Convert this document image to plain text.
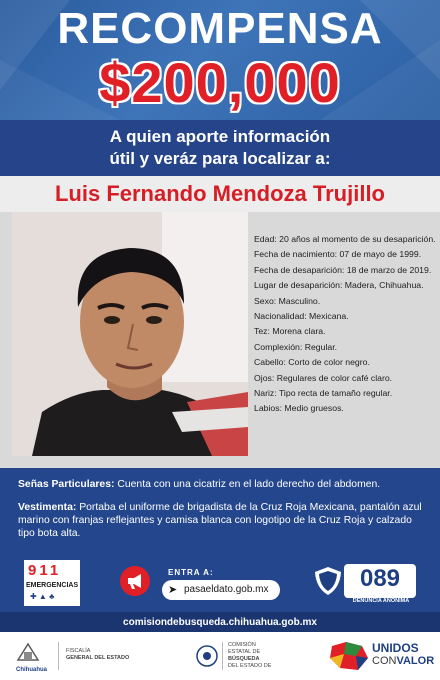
RECOMPENSA
$200,000
A quien aporte información
útil y veráz para localizar a:
Luis Fernando Mendoza Trujillo
Edad: 20 años al momento de su desaparición.
Fecha de nacimiento: 07 de mayo de 1999.
Fecha de desaparición: 18 de marzo de 2019.
Lugar de desaparición: Madera, Chihuahua.
Sexo: Masculino.
Nacionalidad: Mexicana.
Tez: Morena clara.
Complexión: Regular.
Cabello: Corto de color negro.
Ojos: Regulares de color café claro.
Nariz: Tipo recta de tamaño regular.
Labios: Medio gruesos.

Señas Particulares: Cuenta con una cicatriz en el lado derecho del abdomen.

Vestimenta: Portaba el uniforme de brigadista de la Cruz Roja Mexicana, pantalón azul marino con franjas reflejantes y camisa blanca con logotipo de la Cruz Roja y calzado tipo bota alta.

911
EMERGENCIAS
✚ ▲ ♣
ENTRA A:
➤ pasaeldato.gob.mx	089
DENUNCIA ANÓNIMA
comisiondebusqueda.chihuahua.gob.mx
Chihuahua
FISCALÍA
GENERAL DEL ESTADO
COMISIÓN
ESTATAL DE
BÚSQUEDA
DEL ESTADO DE
UNIDOS
CONVALOR
